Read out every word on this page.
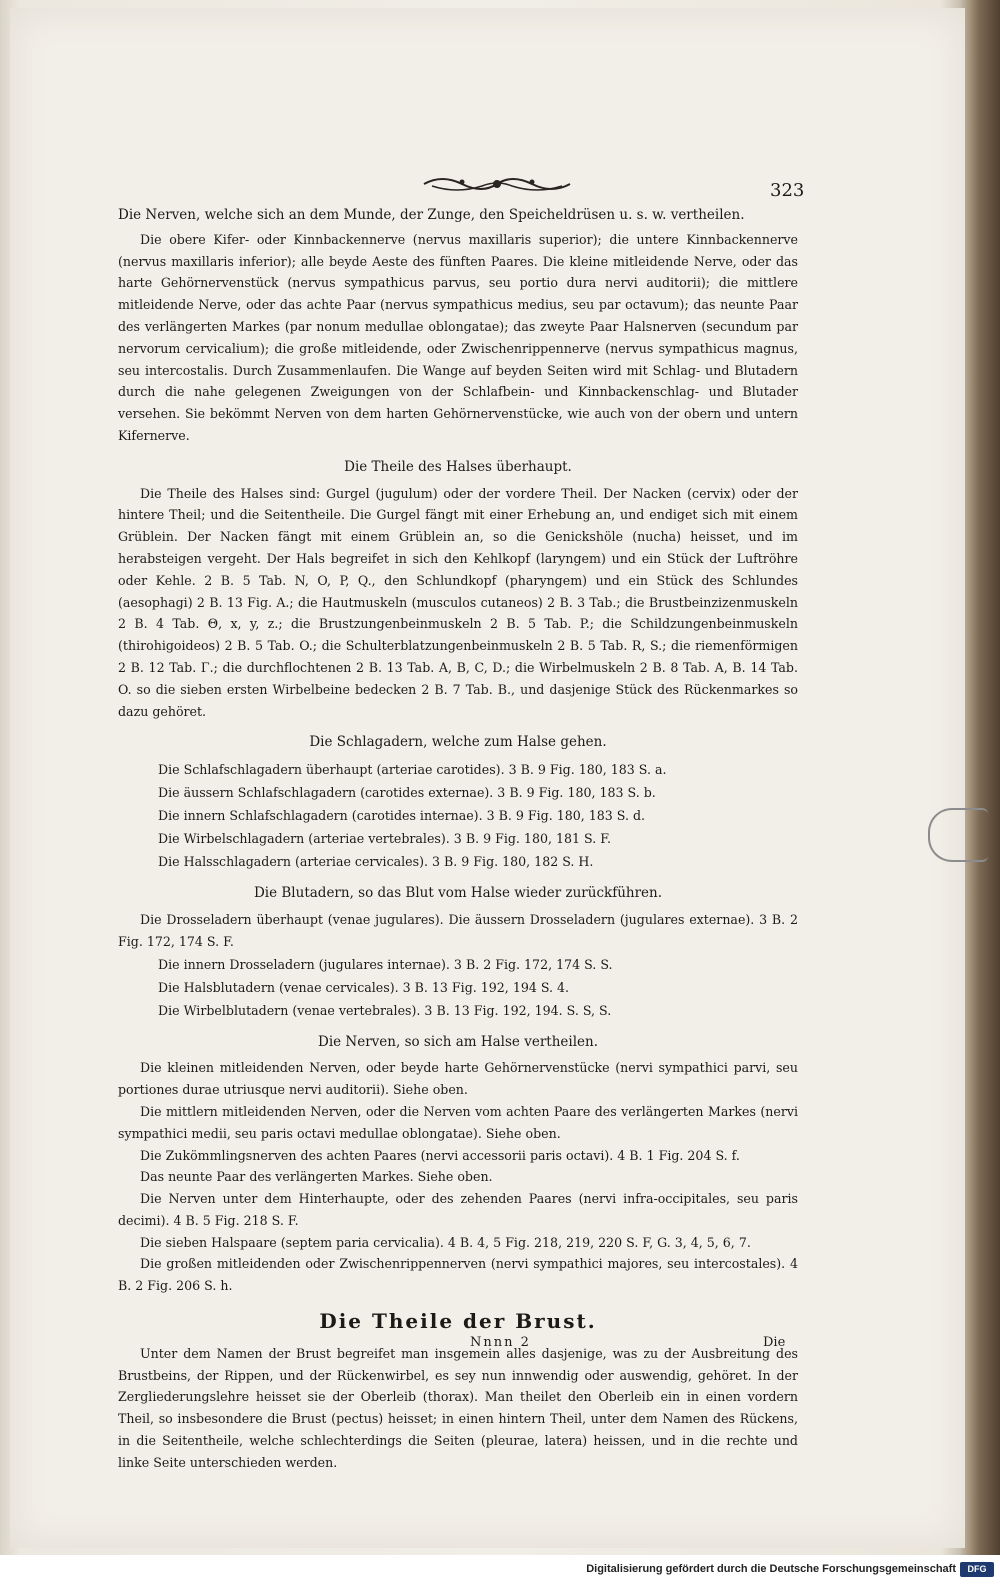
323

Die Nerven, welche sich an dem Munde, der Zunge, den Speicheldrüsen u. s. w. vertheilen.

Die obere Kifer- oder Kinnbackennerve (nervus maxillaris superior); die untere Kinnbackennerve (nervus maxillaris inferior); alle beyde Aeste des fünften Paares. Die kleine mitleidende Nerve, oder das harte Gehörnervenstück (nervus sympathicus parvus, seu portio dura nervi auditorii); die mittlere mitleidende Nerve, oder das achte Paar (nervus sympathicus medius, seu par octavum); das neunte Paar des verlängerten Markes (par nonum medullae oblongatae); das zweyte Paar Halsnerven (secundum par nervorum cervicalium); die große mitleidende, oder Zwischenrippennerve (nervus sympathicus magnus, seu intercostalis. Durch Zusammenlaufen. Die Wange auf beyden Seiten wird mit Schlag- und Blutadern durch die nahe gelegenen Zweigungen von der Schlafbein- und Kinnbackenschlag- und Blutader versehen. Sie bekömmt Nerven von dem harten Gehörnervenstücke, wie auch von der obern und untern Kifernerve.

Die Theile des Halses überhaupt.

Die Theile des Halses sind: Gurgel (jugulum) oder der vordere Theil. Der Nacken (cervix) oder der hintere Theil; und die Seitentheile. Die Gurgel fängt mit einer Erhebung an, und endiget sich mit einem Grüblein. Der Nacken fängt mit einem Grüblein an, so die Genickshöle (nucha) heisset, und im herabsteigen vergeht. Der Hals begreifet in sich den Kehlkopf (laryngem) und ein Stück der Luftröhre oder Kehle. 2 B. 5 Tab. N, O, P, Q., den Schlundkopf (pharyngem) und ein Stück des Schlundes (aesophagi) 2 B. 13 Fig. A.; die Hautmuskeln (musculos cutaneos) 2 B. 3 Tab.; die Brustbeinzizenmuskeln 2 B. 4 Tab. Θ, x, y, z.; die Brustzungenbeinmuskeln 2 B. 5 Tab. P.; die Schildzungenbeinmuskeln (thirohigoideos) 2 B. 5 Tab. O.; die Schulterblatzungenbeinmuskeln 2 B. 5 Tab. R, S.; die riemenförmigen 2 B. 12 Tab. Γ.; die durchflochtenen 2 B. 13 Tab. A, B, C, D.; die Wirbelmuskeln 2 B. 8 Tab. A, B. 14 Tab. O. so die sieben ersten Wirbelbeine bedecken 2 B. 7 Tab. B., und dasjenige Stück des Rückenmarkes so dazu gehöret.

Die Schlagadern, welche zum Halse gehen.
Die Schlafschlagadern überhaupt (arteriae carotides). 3 B. 9 Fig. 180, 183 S. a.
Die äussern Schlafschlagadern (carotides externae). 3 B. 9 Fig. 180, 183 S. b.
Die innern Schlafschlagadern (carotides internae). 3 B. 9 Fig. 180, 183 S. d.
Die Wirbelschlagadern (arteriae vertebrales). 3 B. 9 Fig. 180, 181 S. F.
Die Halsschlagadern (arteriae cervicales). 3 B. 9 Fig. 180, 182 S. H.
Die Blutadern, so das Blut vom Halse wieder zurückführen.

Die Drosseladern überhaupt (venae jugulares). Die äussern Drosseladern (jugulares externae). 3 B. 2 Fig. 172, 174 S. F.

Die innern Drosseladern (jugulares internae). 3 B. 2 Fig. 172, 174 S. S.
Die Halsblutadern (venae cervicales). 3 B. 13 Fig. 192, 194 S. 4.
Die Wirbelblutadern (venae vertebrales). 3 B. 13 Fig. 192, 194. S. S, S.
Die Nerven, so sich am Halse vertheilen.

Die kleinen mitleidenden Nerven, oder beyde harte Gehörnervenstücke (nervi sympathici parvi, seu portiones durae utriusque nervi auditorii). Siehe oben.

Die mittlern mitleidenden Nerven, oder die Nerven vom achten Paare des verlängerten Markes (nervi sympathici medii, seu paris octavi medullae oblongatae). Siehe oben.

Die Zukömmlingsnerven des achten Paares (nervi accessorii paris octavi). 4 B. 1 Fig. 204 S. f.

Das neunte Paar des verlängerten Markes. Siehe oben.

Die Nerven unter dem Hinterhaupte, oder des zehenden Paares (nervi infra-occipitales, seu paris decimi). 4 B. 5 Fig. 218 S. F.

Die sieben Halspaare (septem paria cervicalia). 4 B. 4, 5 Fig. 218, 219, 220 S. F, G. 3, 4, 5, 6, 7.

Die großen mitleidenden oder Zwischenrippennerven (nervi sympathici majores, seu intercostales). 4 B. 2 Fig. 206 S. h.

Die Theile der Brust.

Unter dem Namen der Brust begreifet man insgemein alles dasjenige, was zu der Ausbreitung des Brustbeins, der Rippen, und der Rückenwirbel, es sey nun innwendig oder auswendig, gehöret. In der Zergliederungslehre heisset sie der Oberleib (thorax). Man theilet den Oberleib ein in einen vordern Theil, so insbesondere die Brust (pectus) heisset; in einen hintern Theil, unter dem Namen des Rückens, in die Seitentheile, welche schlechterdings die Seiten (pleurae, latera) heissen, und in die rechte und linke Seite unterschieden werden.

Nnnn 2	Die
Digitalisierung gefördert durch die Deutsche Forschungsgemeinschaft	DFG
